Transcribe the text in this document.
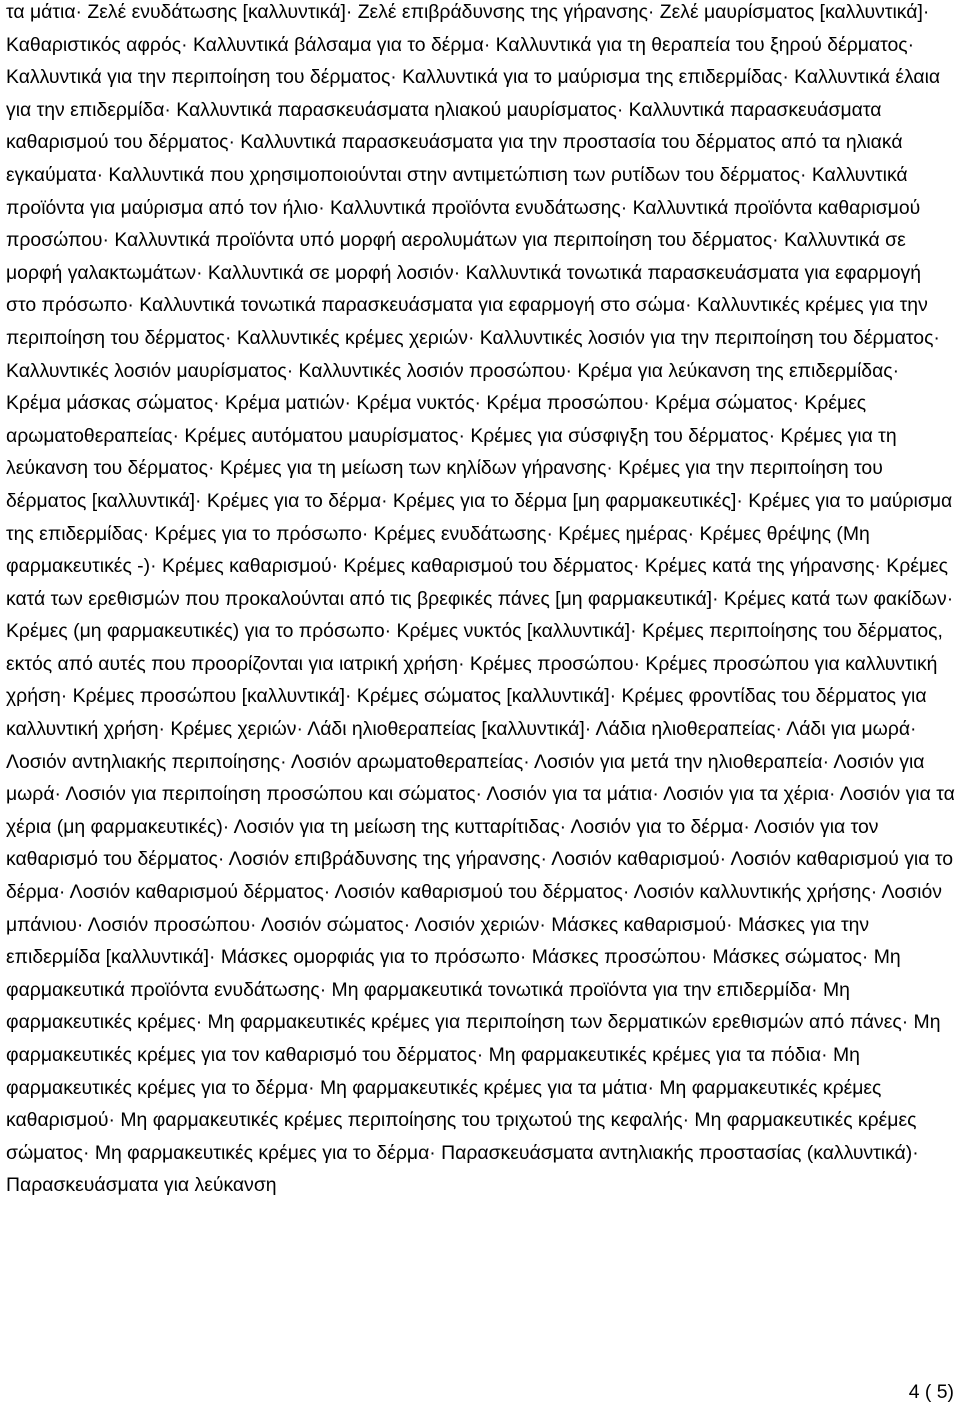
τα μάτια· Ζελέ ενυδάτωσης [καλλυντικά]· Ζελέ επιβράδυνσης της γήρανσης· Ζελέ μαυρίσματος [καλλυντικά]· Καθαριστικός αφρός· Καλλυντικά βάλσαμα για το δέρμα· Καλλυντικά για τη θεραπεία του ξηρού δέρματος· Καλλυντικά για την περιποίηση του δέρματος· Καλλυντικά για το μαύρισμα της επιδερμίδας· Καλλυντικά έλαια για την επιδερμίδα· Καλλυντικά παρασκευάσματα ηλιακού μαυρίσματος· Καλλυντικά παρασκευάσματα καθαρισμού του δέρματος· Καλλυντικά παρασκευάσματα για την προστασία του δέρματος από τα ηλιακά εγκαύματα· Καλλυντικά που χρησιμοποιούνται στην αντιμετώπιση των ρυτίδων του δέρματος· Καλλυντικά προϊόντα για μαύρισμα από τον ήλιο· Καλλυντικά προϊόντα ενυδάτωσης· Καλλυντικά προϊόντα καθαρισμού προσώπου· Καλλυντικά προϊόντα υπό μορφή αερολυμάτων για περιποίηση του δέρματος· Καλλυντικά σε μορφή γαλακτωμάτων· Καλλυντικά σε μορφή λοσιόν· Καλλυντικά τονωτικά παρασκευάσματα για εφαρμογή στο πρόσωπο· Καλλυντικά τονωτικά παρασκευάσματα για εφαρμογή στο σώμα· Καλλυντικές κρέμες για την περιποίηση του δέρματος· Καλλυντικές κρέμες χεριών· Καλλυντικές λοσιόν για την περιποίηση του δέρματος· Καλλυντικές λοσιόν μαυρίσματος· Καλλυντικές λοσιόν προσώπου· Κρέμα για λεύκανση της επιδερμίδας· Κρέμα μάσκας σώματος· Κρέμα ματιών· Κρέμα νυκτός· Κρέμα προσώπου· Κρέμα σώματος· Κρέμες αρωματοθεραπείας· Κρέμες αυτόματου μαυρίσματος· Κρέμες για σύσφιγξη του δέρματος· Κρέμες για τη λεύκανση του δέρματος· Κρέμες για τη μείωση των κηλίδων γήρανσης· Κρέμες για την περιποίηση του δέρματος [καλλυντικά]· Κρέμες για το δέρμα· Κρέμες για το δέρμα [μη φαρμακευτικές]· Κρέμες για το μαύρισμα της επιδερμίδας· Κρέμες για το πρόσωπο· Κρέμες ενυδάτωσης· Κρέμες ημέρας· Κρέμες θρέψης (Μη φαρμακευτικές -)· Κρέμες καθαρισμού· Κρέμες καθαρισμού του δέρματος· Κρέμες κατά της γήρανσης· Κρέμες κατά των ερεθισμών που προκαλούνται από τις βρεφικές πάνες [μη φαρμακευτικά]· Κρέμες κατά των φακίδων· Κρέμες (μη φαρμακευτικές) για το πρόσωπο· Κρέμες νυκτός [καλλυντικά]· Κρέμες περιποίησης του δέρματος, εκτός από αυτές που προορίζονται για ιατρική χρήση· Κρέμες προσώπου· Κρέμες προσώπου για καλλυντική χρήση· Κρέμες προσώπου [καλλυντικά]· Κρέμες σώματος [καλλυντικά]· Κρέμες φροντίδας του δέρματος για καλλυντική χρήση· Κρέμες χεριών· Λάδι ηλιοθεραπείας [καλλυντικά]· Λάδια ηλιοθεραπείας· Λάδι για μωρά· Λοσιόν αντηλιακής περιποίησης· Λοσιόν αρωματοθεραπείας· Λοσιόν για μετά την ηλιοθεραπεία· Λοσιόν για μωρά· Λοσιόν για περιποίηση προσώπου και σώματος· Λοσιόν για τα μάτια· Λοσιόν για τα χέρια· Λοσιόν για τα χέρια (μη φαρμακευτικές)· Λοσιόν για τη μείωση της κυτταρίτιδας· Λοσιόν για το δέρμα· Λοσιόν για τον καθαρισμό του δέρματος· Λοσιόν επιβράδυνσης της γήρανσης· Λοσιόν καθαρισμού· Λοσιόν καθαρισμού για το δέρμα· Λοσιόν καθαρισμού δέρματος· Λοσιόν καθαρισμού του δέρματος· Λοσιόν καλλυντικής χρήσης· Λοσιόν μπάνιου· Λοσιόν προσώπου· Λοσιόν σώματος· Λοσιόν χεριών· Μάσκες καθαρισμού· Μάσκες για την επιδερμίδα [καλλυντικά]· Μάσκες ομορφιάς για το πρόσωπο· Μάσκες προσώπου· Μάσκες σώματος· Μη φαρμακευτικά προϊόντα ενυδάτωσης· Μη φαρμακευτικά τονωτικά προϊόντα για την επιδερμίδα· Μη φαρμακευτικές κρέμες· Μη φαρμακευτικές κρέμες για περιποίηση των δερματικών ερεθισμών από πάνες· Μη φαρμακευτικές κρέμες για τον καθαρισμό του δέρματος· Μη φαρμακευτικές κρέμες για τα πόδια· Μη φαρμακευτικές κρέμες για το δέρμα· Μη φαρμακευτικές κρέμες για τα μάτια· Μη φαρμακευτικές κρέμες καθαρισμού· Μη φαρμακευτικές κρέμες περιποίησης του τριχωτού της κεφαλής· Μη φαρμακευτικές κρέμες σώματος· Μη φαρμακευτικές κρέμες για το δέρμα· Παρασκευάσματα αντηλιακής προστασίας (καλλυντικά)· Παρασκευάσματα για λεύκανση

4 ( 5)
